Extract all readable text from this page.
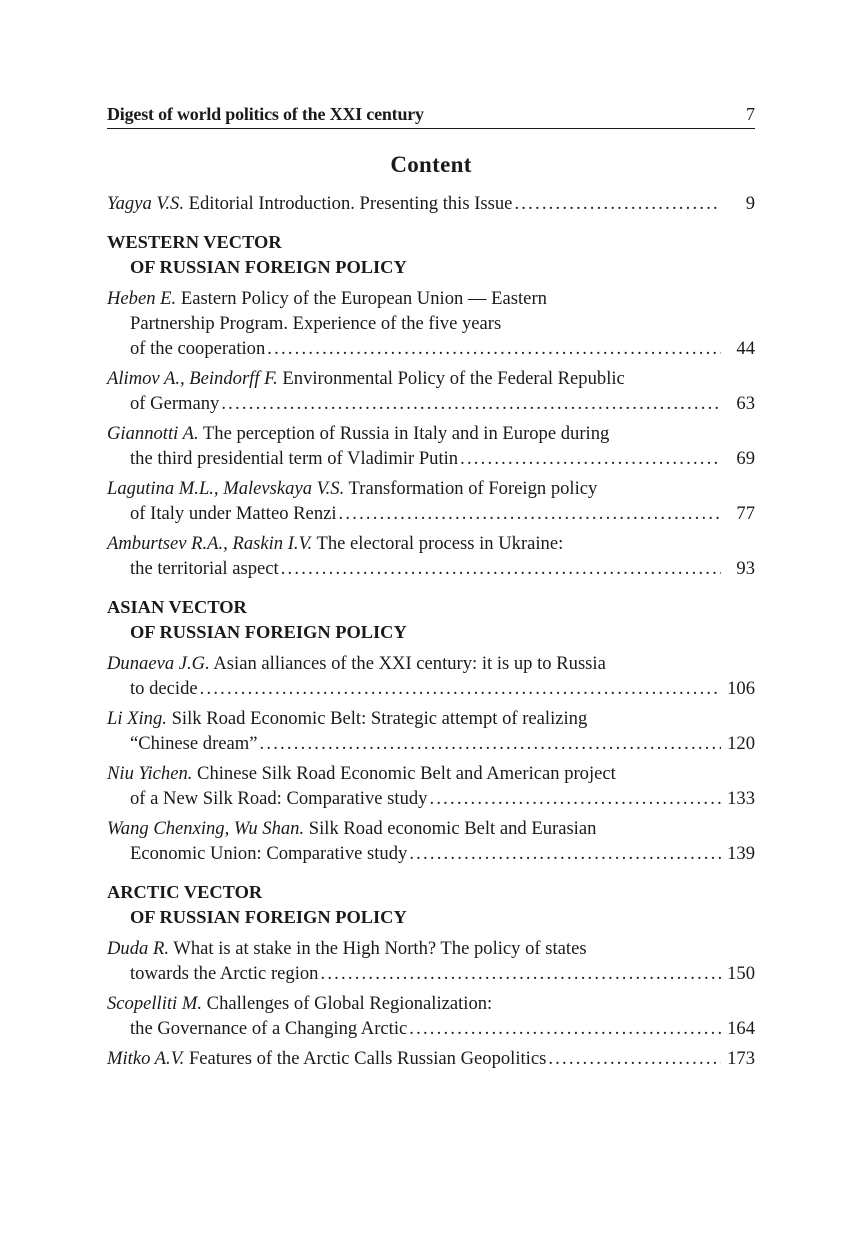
Digest of world politics of the XXI century	7
Content
Yagya V.S. Editorial Introduction. Presenting this Issue .....	9
WESTERN VECTOR
OF RUSSIAN FOREIGN POLICY
Heben E. Eastern Policy of the European Union — Eastern
Partnership Program. Experience of the five years
of the cooperation .....	44
Alimov A., Beindorff F. Environmental Policy of the Federal Republic
of Germany .....	63
Giannotti A. The perception of Russia in Italy and in Europe during
the third presidential term of Vladimir Putin .....	69
Lagutina M.L., Malevskaya V.S. Transformation of Foreign policy
of Italy under Matteo Renzi .....	77
Amburtsev R.A., Raskin I.V. The electoral process in Ukraine:
the territorial aspect .....	93
ASIAN VECTOR
OF RUSSIAN FOREIGN POLICY
Dunaeva J.G. Asian alliances of the XXI century: it is up to Russia
to decide .....	106
Li Xing. Silk Road Economic Belt: Strategic attempt of realizing
“Chinese dream” .....	120
Niu Yichen. Chinese Silk Road Economic Belt and American project
of a New Silk Road: Comparative study .....	133
Wang Chenxing, Wu Shan. Silk Road economic Belt and Eurasian
Economic Union: Comparative study .....	139
ARCTIC VECTOR
OF RUSSIAN FOREIGN POLICY
Duda R. What is at stake in the High North? The policy of states
towards the Arctic region .....	150
Scopelliti M. Challenges of Global Regionalization:
the Governance of a Changing Arctic .....	164
Mitko A.V. Features of the Arctic Calls Russian Geopolitics .....	173
